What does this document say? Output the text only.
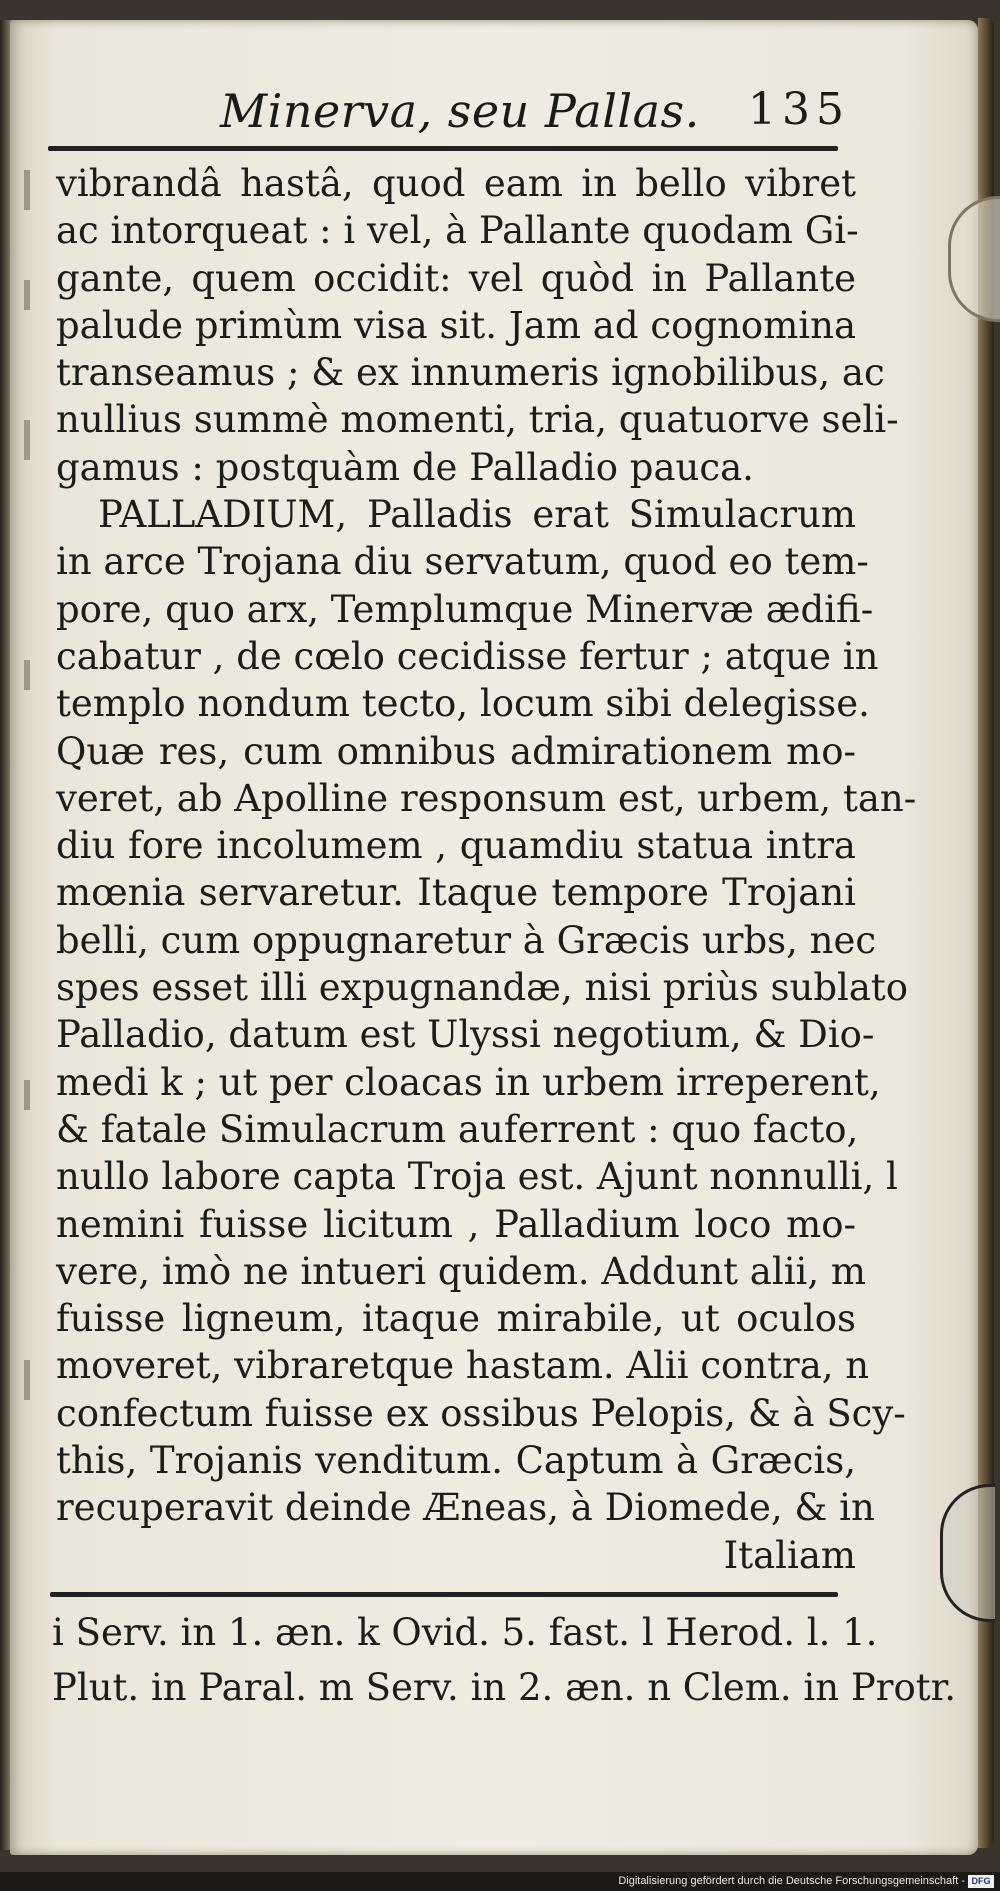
Minerva, seu Pallas. 135
vibrandâ hastâ, quod eam in bello vibret
ac intorqueat : i vel, à Pallante quodam Gi-
gante, quem occidit: vel quòd in Pallante
palude primùm visa sit. Jam ad cognomina
transeamus ; & ex innumeris ignobilibus, ac
nullius summè momenti, tria, quatuorve seli-
gamus : postquàm de Palladio pauca.
PALLADIUM, Palladis erat Simulacrum
in arce Trojana diu servatum, quod eo tem-
pore, quo arx, Templumque Minervæ ædifi-
cabatur , de cœlo cecidisse fertur ; atque in
templo nondum tecto, locum sibi delegisse.
Quæ res, cum omnibus admirationem mo-
veret, ab Apolline responsum est, urbem, tan-
diu fore incolumem , quamdiu statua intra
mœnia servaretur. Itaque tempore Trojani
belli, cum oppugnaretur à Græcis urbs, nec
spes esset illi expugnandæ, nisi priùs sublato
Palladio, datum est Ulyssi negotium, & Dio-
medi k ; ut per cloacas in urbem irreperent,
& fatale Simulacrum auferrent : quo facto,
nullo labore capta Troja est. Ajunt nonnulli, l
nemini fuisse licitum , Palladium loco mo-
vere, imò ne intueri quidem. Addunt alii, m
fuisse ligneum, itaque mirabile, ut oculos
moveret, vibraretque hastam. Alii contra, n
confectum fuisse ex ossibus Pelopis, & à Scy-
this, Trojanis venditum. Captum à Græcis,
recuperavit deinde Æneas, à Diomede, & in
Italiam
i Serv. in 1. æn. k Ovid. 5. fast. l Herod. l. 1.
Plut. in Paral. m Serv. in 2. æn. n Clem. in Protr.
Digitalisierung gefördert durch die Deutsche Forschungsgemeinschaft - DFG
